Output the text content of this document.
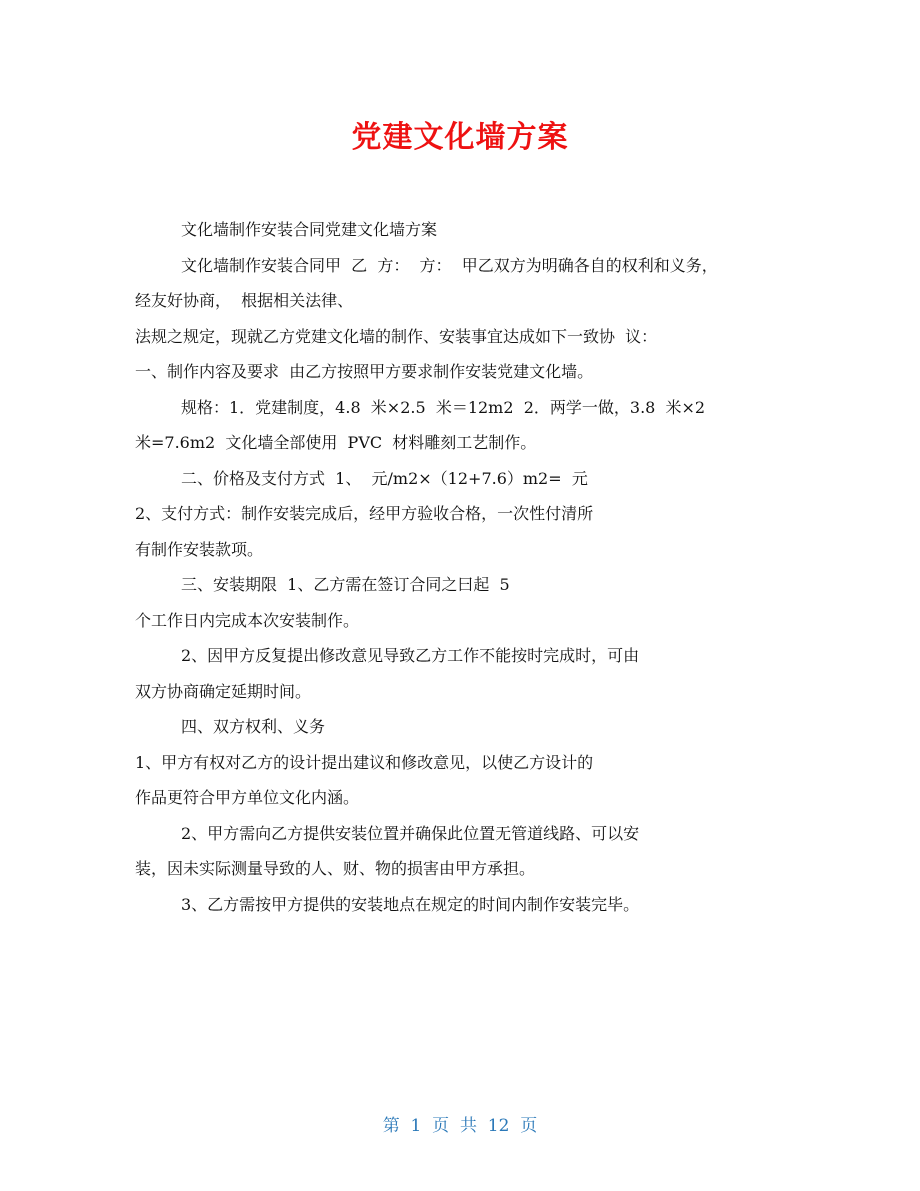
党建文化墙方案
文化墙制作安装合同党建文化墙方案
文化墙制作安装合同甲  乙  方：  方：  甲乙双方为明确各自的权利和义务，
经友好协商，  根据相关法律、
法规之规定，现就乙方党建文化墙的制作、安装事宜达成如下一致协  议：
一、制作内容及要求  由乙方按照甲方要求制作安装党建文化墙。
规格：1．党建制度，4.8  米×2.5  米＝12m2  2．两学一做，3.8  米×2
米=7.6m2  文化墙全部使用  PVC  材料雕刻工艺制作。
二、价格及支付方式  1、  元/m2×（12+7.6）m2=  元
2、支付方式：制作安装完成后，经甲方验收合格，一次性付清所
有制作安装款项。
三、安装期限  1、乙方需在签订合同之曰起  5
个工作日内完成本次安装制作。
2、因甲方反复提出修改意见导致乙方工作不能按时完成时，可由
双方协商确定延期时间。
四、双方权利、义务
1、甲方有权对乙方的设计提出建议和修改意见，以使乙方设计的
作品更符合甲方单位文化内涵。
2、甲方需向乙方提供安装位置并确保此位置无管道线路、可以安
装，因未实际测量导致的人、财、物的损害由甲方承担。
3、乙方需按甲方提供的安装地点在规定的时间内制作安装完毕。
第  1  页  共  12  页
